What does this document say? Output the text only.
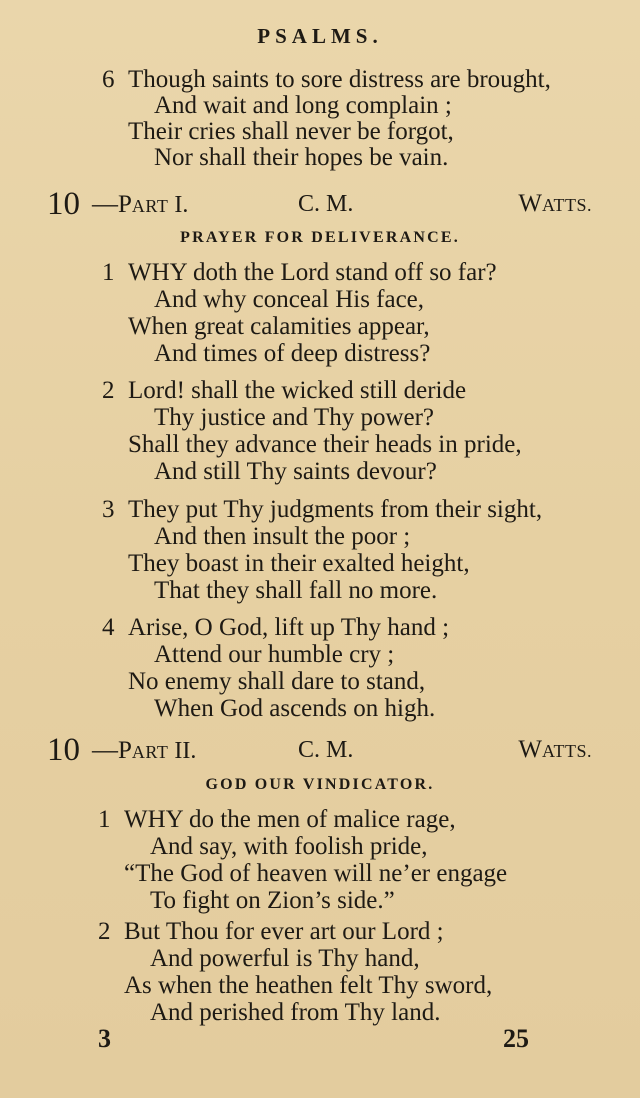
PSALMS.
6 Though saints to sore distress are brought,
And wait and long complain ;
Their cries shall never be forgot,
Nor shall their hopes be vain.
10 —PART I.	C. M.	WATTS.
PRAYER FOR DELIVERANCE.
1 WHY doth the Lord stand off so far?
And why conceal His face,
When great calamities appear,
And times of deep distress?
2 Lord! shall the wicked still deride
Thy justice and Thy power?
Shall they advance their heads in pride,
And still Thy saints devour?
3 They put Thy judgments from their sight,
And then insult the poor ;
They boast in their exalted height,
That they shall fall no more.
4 Arise, O God, lift up Thy hand ;
Attend our humble cry ;
No enemy shall dare to stand,
When God ascends on high.
10 —PART II.	C. M.	WATTS.
GOD OUR VINDICATOR.
1 WHY do the men of malice rage,
And say, with foolish pride,
“The God of heaven will ne’er engage
To fight on Zion’s side.”
2 But Thou for ever art our Lord ;
And powerful is Thy hand,
As when the heathen felt Thy sword,
And perished from Thy land.
3	25
